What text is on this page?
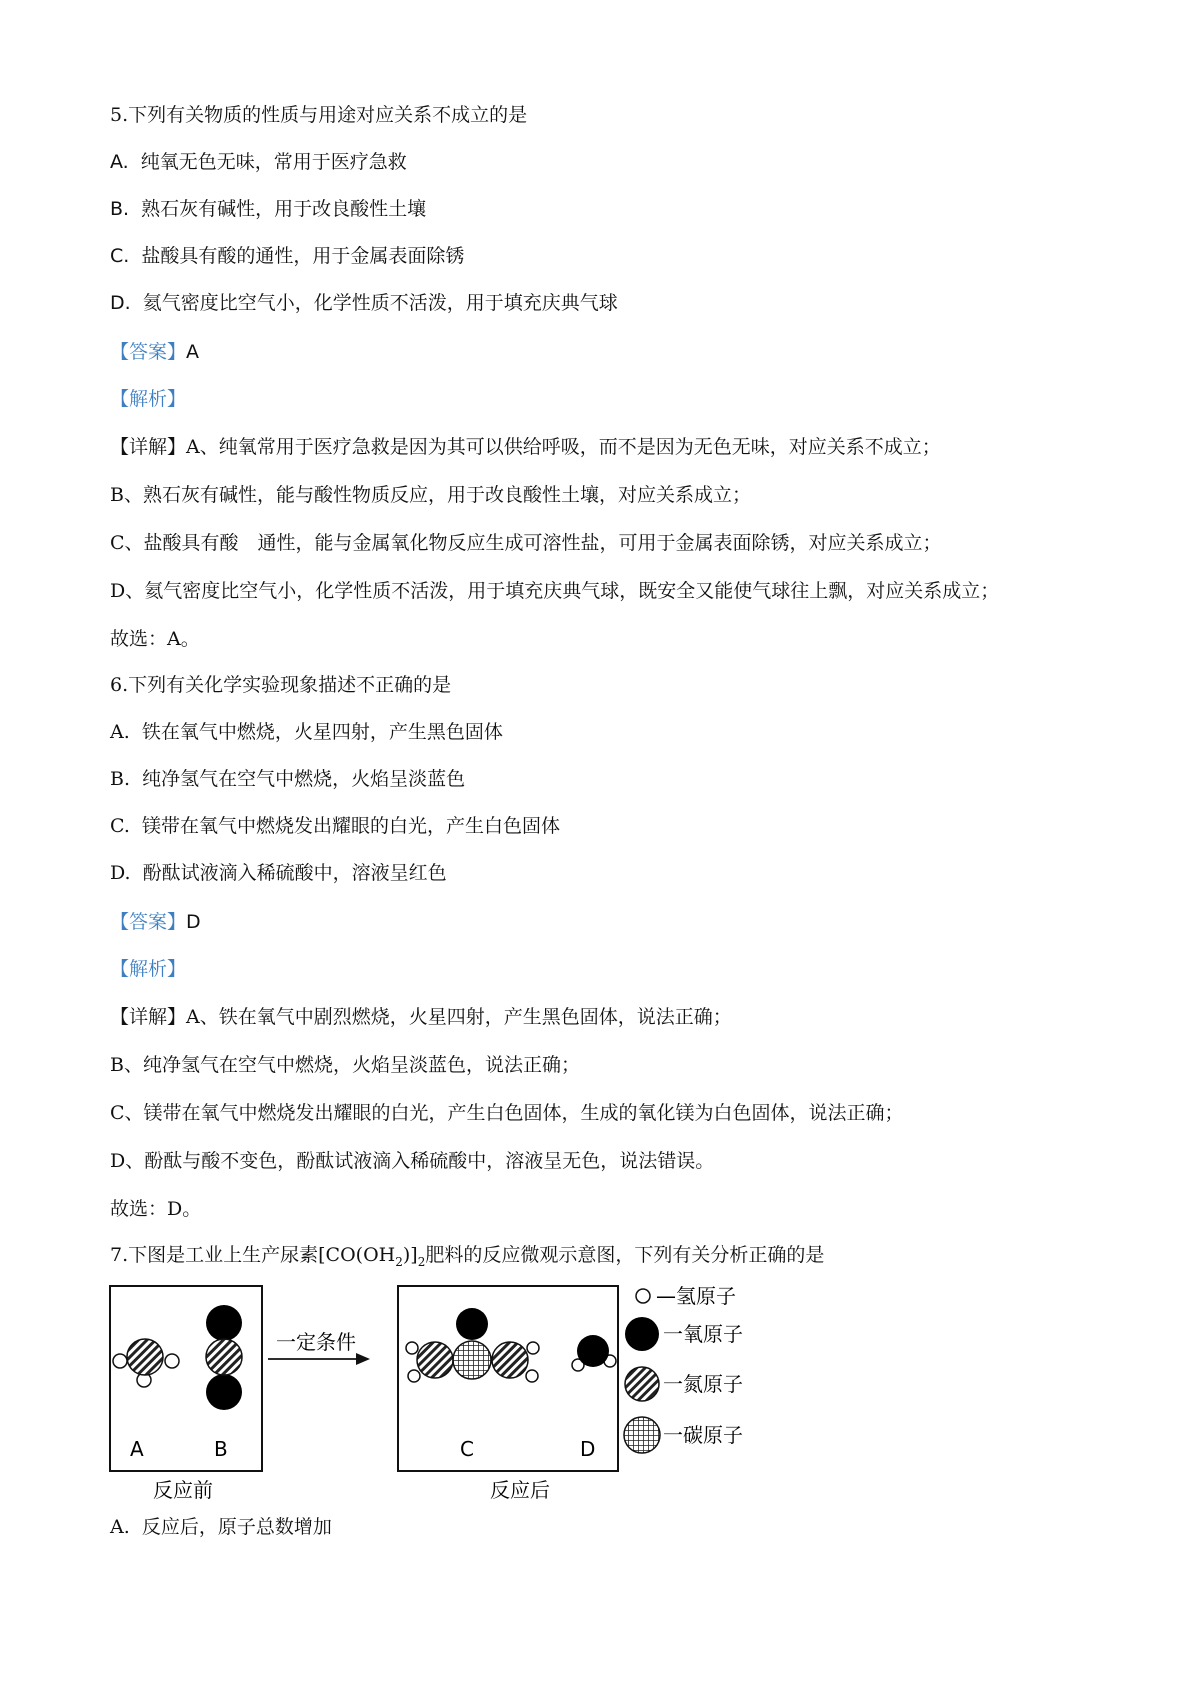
5.下列有关物质的性质与用途对应关系不成立的是
A.  纯氧无色无味，常用于医疗急救
B.  熟石灰有碱性，用于改良酸性土壤
C.  盐酸具有酸的通性，用于金属表面除锈
D.  氦气密度比空气小，化学性质不活泼，用于填充庆典气球
【答案】A
【解析】
【详解】A、纯氧常用于医疗急救是因为其可以供给呼吸，而不是因为无色无味，对应关系不成立；
B、熟石灰有碱性，能与酸性物质反应，用于改良酸性土壤，对应关系成立；
C、盐酸具有酸　通性，能与金属氧化物反应生成可溶性盐，可用于金属表面除锈，对应关系成立；
D、氦气密度比空气小，化学性质不活泼，用于填充庆典气球，既安全又能使气球往上飘，对应关系成立；
故选：A。
6.下列有关化学实验现象描述不正确的是
A.  铁在氧气中燃烧，火星四射，产生黑色固体
B.  纯净氢气在空气中燃烧，火焰呈淡蓝色
C.  镁带在氧气中燃烧发出耀眼的白光，产生白色固体
D.  酚酞试液滴入稀硫酸中，溶液呈红色
【答案】D
【解析】
【详解】A、铁在氧气中剧烈燃烧，火星四射，产生黑色固体，说法正确；
B、纯净氢气在空气中燃烧，火焰呈淡蓝色，说法正确；
C、镁带在氧气中燃烧发出耀眼的白光，产生白色固体，生成的氧化镁为白色固体，说法正确；
D、酚酞与酸不变色，酚酞试液滴入稀硫酸中，溶液呈无色，说法错误。
故选：D。
7.下图是工业上生产尿素$[CO(OH_2)]_2$肥料的反应微观示意图，下列有关分析正确的是
A	B
反应前
一定条件
C	D
反应后
—氢原子
一氧原子
一氮原子
一碳原子
A.  反应后，原子总数增加
